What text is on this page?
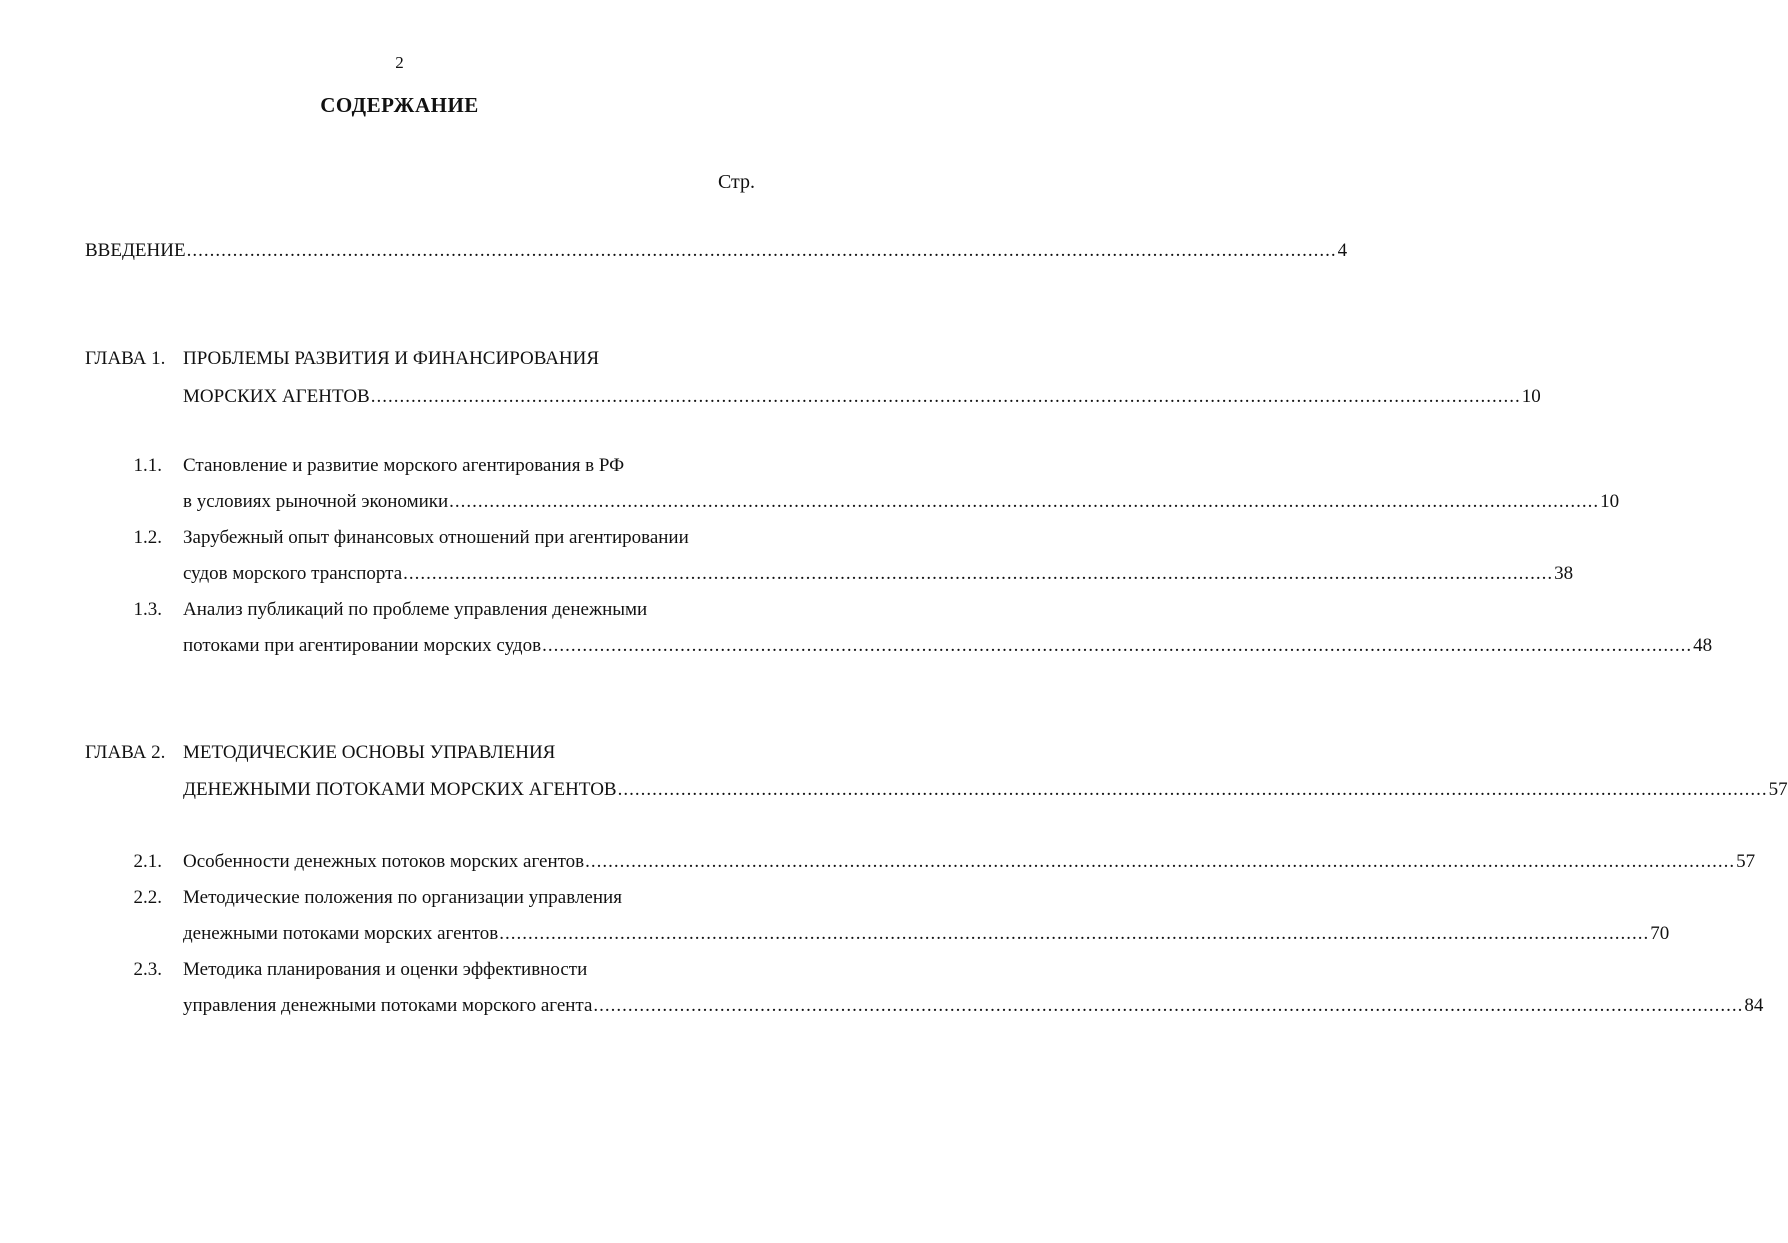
2
СОДЕРЖАНИЕ
Стр.
ВВЕДЕНИЕ ........................................................................................................................................................................................................ 4
ГЛАВА 1. ПРОБЛЕМЫ РАЗВИТИЯ И ФИНАНСИРОВАНИЯ
МОРСКИХ АГЕНТОВ ........................................................................................................................................................................................................ 10
1.1. Становление и развитие морского агентирования в РФ
в условиях рыночной экономики ........................................................................................................................................................................................................ 10
1.2. Зарубежный опыт финансовых отношений при агентировании
судов морского транспорта ........................................................................................................................................................................................................ 38
1.3. Анализ публикаций по проблеме управления денежными
потоками при агентировании морских судов ........................................................................................................................................................................................................ 48
ГЛАВА 2. МЕТОДИЧЕСКИЕ ОСНОВЫ УПРАВЛЕНИЯ
ДЕНЕЖНЫМИ ПОТОКАМИ МОРСКИХ АГЕНТОВ ........................................................................................................................................................................................................ 57
Особенности денежных потоков морских агентов ........................................................................................................................................................................................................ 57
2.1.
2.2. Методические положения по организации управления
денежными потоками морских агентов ........................................................................................................................................................................................................ 70
2.3. Методика планирования и оценки эффективности
управления денежными потоками морского агента ........................................................................................................................................................................................................ 84
